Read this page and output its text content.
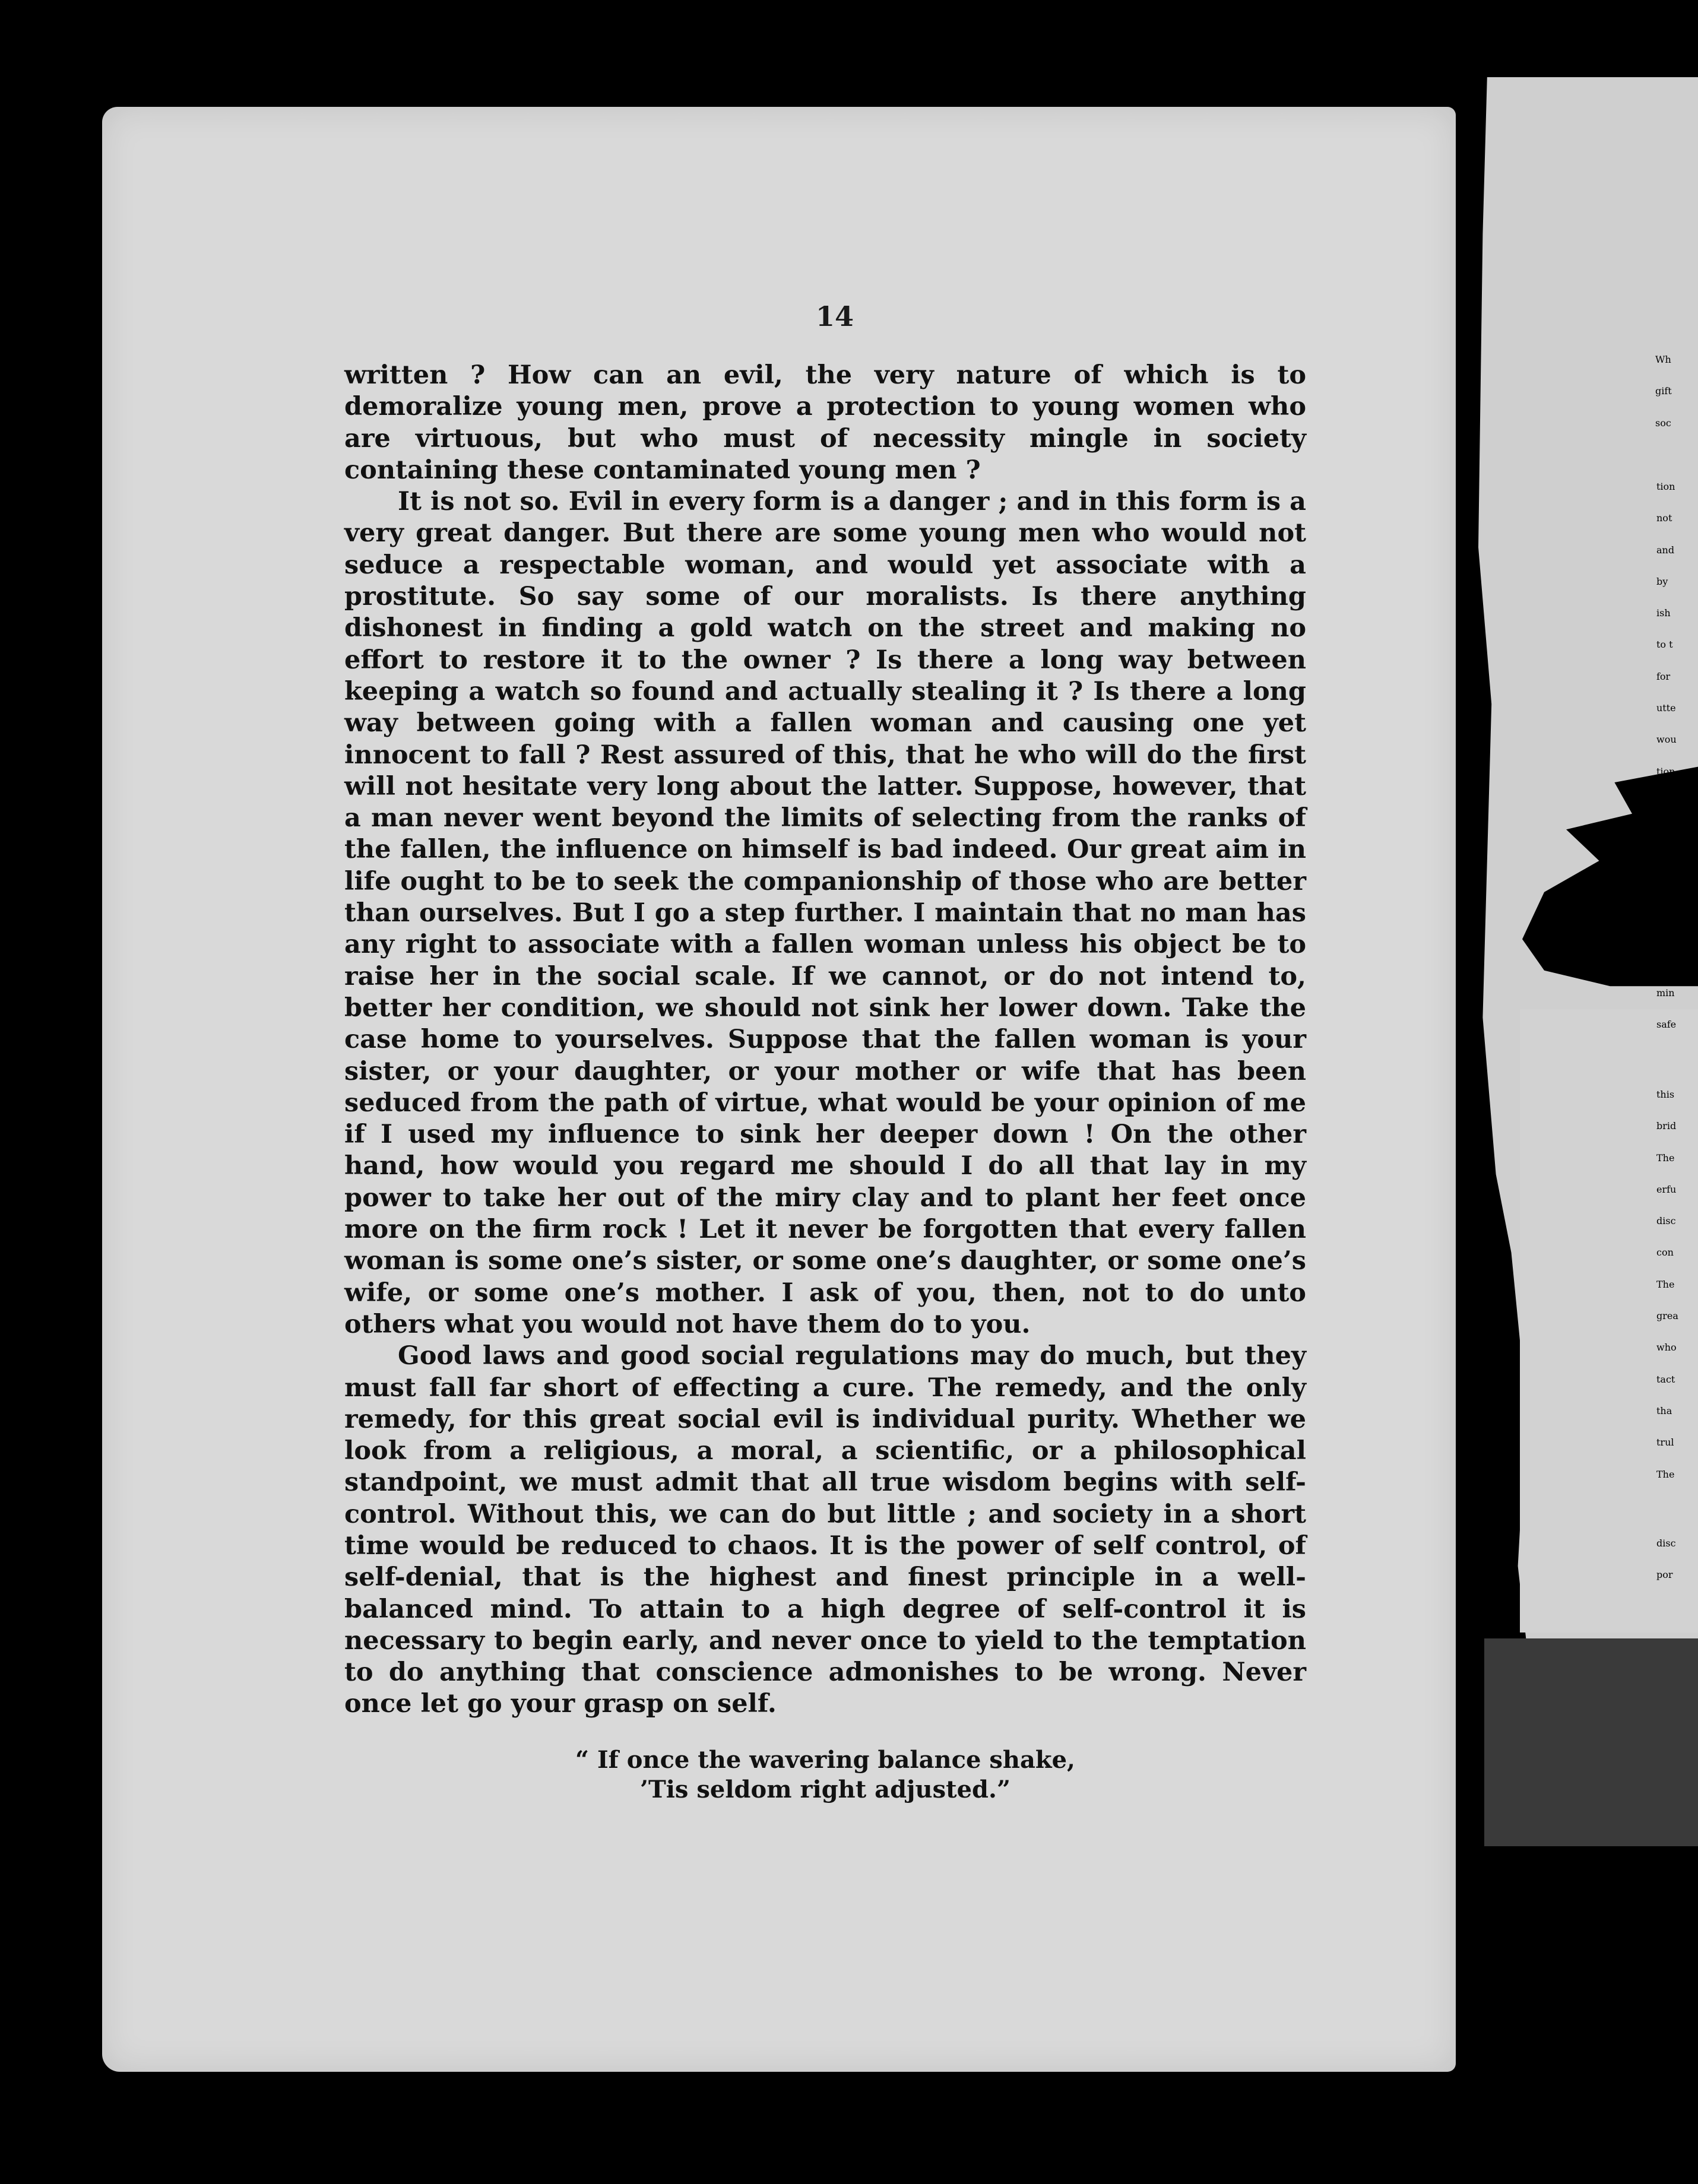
14

written ? How can an evil, the very nature of which is to demoralize young men, prove a protection to young women who are virtuous, but who must of necessity mingle in society containing these contaminated young men ?

It is not so. Evil in every form is a danger ; and in this form is a very great danger. But there are some young men who would not seduce a respectable woman, and would yet associate with a prostitute. So say some of our moralists. Is there anything dishonest in finding a gold watch on the street and making no effort to restore it to the owner ? Is there a long way between keeping a watch so found and actually stealing it ? Is there a long way between going with a fallen woman and causing one yet innocent to fall ? Rest assured of this, that he who will do the first will not hesitate very long about the latter. Suppose, however, that a man never went beyond the limits of selecting from the ranks of the fallen, the influence on himself is bad indeed. Our great aim in life ought to be to seek the companionship of those who are better than ourselves. But I go a step further. I maintain that no man has any right to associate with a fallen woman unless his object be to raise her in the social scale. If we cannot, or do not intend to, better her condition, we should not sink her lower down. Take the case home to yourselves. Suppose that the fallen woman is your sister, or your daughter, or your mother or wife that has been seduced from the path of virtue, what would be your opinion of me if I used my influence to sink her deeper down ! On the other hand, how would you regard me should I do all that lay in my power to take her out of the miry clay and to plant her feet once more on the firm rock ! Let it never be forgotten that every fallen woman is some one’s sister, or some one’s daughter, or some one’s wife, or some one’s mother. I ask of you, then, not to do unto others what you would not have them do to you.

Good laws and good social regulations may do much, but they must fall far short of effecting a cure. The remedy, and the only remedy, for this great social evil is individual purity. Whether we look from a religious, a moral, a scientific, or a philosophical standpoint, we must admit that all true wisdom begins with self-control. Without this, we can do but little ; and society in a short time would be reduced to chaos. It is the power of self control, of self-denial, that is the highest and finest principle in a well-balanced mind. To attain to a high degree of self-control it is necessary to begin early, and never once to yield to the temptation to do anything that conscience admonishes to be wrong. Never once let go your grasp on self.

“ If once the wavering balance shake,
’Tis seldom right adjusted.”
Wh
gift
soc
tion
not
and
by
ish
to t
for
utte
wou
tion
whi
only
ene
tha
“ I
tha
min
safe
this
brid
The
erfu
disc
con
The
grea
who
tact
tha
trul
The
disc
por
